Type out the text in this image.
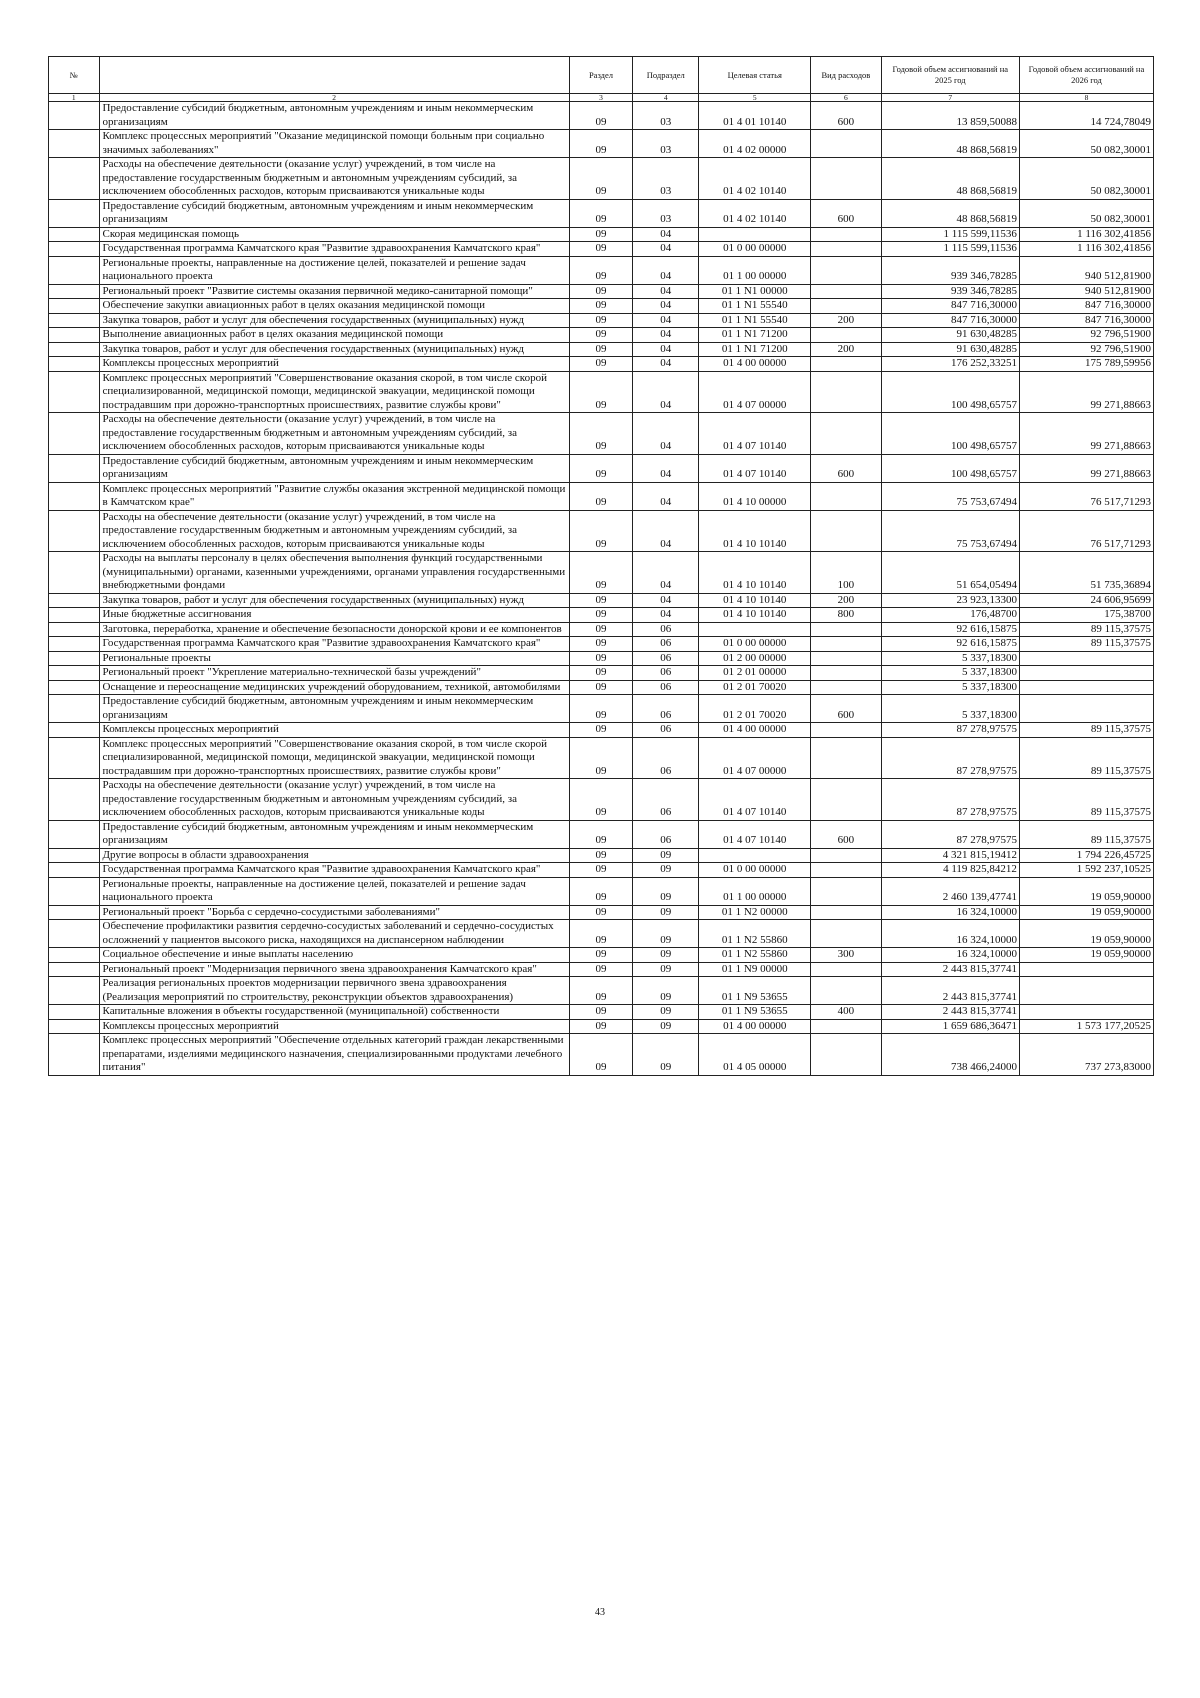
№		Раздел	Подраздел	Целевая статья	Вид расходов	Годовой объем ассигнований на 2025 год	Годовой объем ассигнований на 2026 год
1	2	3	4	5	6	7	8
	Предоставление субсидий бюджетным, автономным учреждениям и иным некоммерческим организациям	09	03	01 4 01 10140	600	13 859,50088	14 724,78049
	Комплекс процессных мероприятий "Оказание медицинской помощи больным при социально значимых заболеваниях"	09	03	01 4 02 00000		48 868,56819	50 082,30001
	Расходы на обеспечение деятельности (оказание услуг) учреждений, в том числе на предоставление государственным бюджетным и автономным учреждениям субсидий, за исключением обособленных расходов, которым присваиваются уникальные коды	09	03	01 4 02 10140		48 868,56819	50 082,30001
	Предоставление субсидий бюджетным, автономным учреждениям и иным некоммерческим организациям	09	03	01 4 02 10140	600	48 868,56819	50 082,30001
	Скорая медицинская помощь	09	04			1 115 599,11536	1 116 302,41856
	Государственная программа Камчатского края "Развитие здравоохранения Камчатского края"	09	04	01 0 00 00000		1 115 599,11536	1 116 302,41856
	Региональные проекты, направленные на достижение целей, показателей и решение задач национального проекта	09	04	01 1 00 00000		939 346,78285	940 512,81900
	Региональный проект "Развитие системы оказания первичной медико-санитарной помощи"	09	04	01 1 N1 00000		939 346,78285	940 512,81900
	Обеспечение закупки авиационных работ в целях оказания медицинской помощи	09	04	01 1 N1 55540		847 716,30000	847 716,30000
	Закупка товаров, работ и услуг для обеспечения государственных (муниципальных) нужд	09	04	01 1 N1 55540	200	847 716,30000	847 716,30000
	Выполнение авиационных работ в целях оказания медицинской помощи	09	04	01 1 N1 71200		91 630,48285	92 796,51900
	Закупка товаров, работ и услуг для обеспечения государственных (муниципальных) нужд	09	04	01 1 N1 71200	200	91 630,48285	92 796,51900
	Комплексы процессных мероприятий	09	04	01 4 00 00000		176 252,33251	175 789,59956
	Комплекс процессных мероприятий "Совершенствование оказания скорой, в том числе скорой специализированной, медицинской помощи, медицинской эвакуации, медицинской помощи пострадавшим при дорожно-транспортных происшествиях, развитие службы крови"	09	04	01 4 07 00000		100 498,65757	99 271,88663
	Расходы на обеспечение деятельности (оказание услуг) учреждений, в том числе на предоставление государственным бюджетным и автономным учреждениям субсидий, за исключением обособленных расходов, которым присваиваются уникальные коды	09	04	01 4 07 10140		100 498,65757	99 271,88663
	Предоставление субсидий бюджетным, автономным учреждениям и иным некоммерческим организациям	09	04	01 4 07 10140	600	100 498,65757	99 271,88663
	Комплекс процессных мероприятий "Развитие службы оказания экстренной медицинской помощи в Камчатском крае"	09	04	01 4 10 00000		75 753,67494	76 517,71293
	Расходы на обеспечение деятельности (оказание услуг) учреждений, в том числе на предоставление государственным бюджетным и автономным учреждениям субсидий, за исключением обособленных расходов, которым присваиваются уникальные коды	09	04	01 4 10 10140		75 753,67494	76 517,71293
	Расходы на выплаты персоналу в целях обеспечения выполнения функций государственными (муниципальными) органами, казенными учреждениями, органами управления государственными внебюджетными фондами	09	04	01 4 10 10140	100	51 654,05494	51 735,36894
	Закупка товаров, работ и услуг для обеспечения государственных (муниципальных) нужд	09	04	01 4 10 10140	200	23 923,13300	24 606,95699
	Иные бюджетные ассигнования	09	04	01 4 10 10140	800	176,48700	175,38700
	Заготовка, переработка, хранение и обеспечение безопасности донорской крови и ее компонентов	09	06			92 616,15875	89 115,37575
	Государственная программа Камчатского края "Развитие здравоохранения Камчатского края"	09	06	01 0 00 00000		92 616,15875	89 115,37575
	Региональные проекты	09	06	01 2 00 00000		5 337,18300	
	Региональный проект "Укрепление материально-технической базы учреждений"	09	06	01 2 01 00000		5 337,18300	
	Оснащение и переоснащение медицинских учреждений оборудованием, техникой, автомобилями	09	06	01 2 01 70020		5 337,18300	
	Предоставление субсидий бюджетным, автономным учреждениям и иным некоммерческим организациям	09	06	01 2 01 70020	600	5 337,18300	
	Комплексы процессных мероприятий	09	06	01 4 00 00000		87 278,97575	89 115,37575
	Комплекс процессных мероприятий "Совершенствование оказания скорой, в том числе скорой специализированной, медицинской помощи, медицинской эвакуации, медицинской помощи пострадавшим при дорожно-транспортных происшествиях, развитие службы крови"	09	06	01 4 07 00000		87 278,97575	89 115,37575
	Расходы на обеспечение деятельности (оказание услуг) учреждений, в том числе на предоставление государственным бюджетным и автономным учреждениям субсидий, за исключением обособленных расходов, которым присваиваются уникальные коды	09	06	01 4 07 10140		87 278,97575	89 115,37575
	Предоставление субсидий бюджетным, автономным учреждениям и иным некоммерческим организациям	09	06	01 4 07 10140	600	87 278,97575	89 115,37575
	Другие вопросы в области здравоохранения	09	09			4 321 815,19412	1 794 226,45725
	Государственная программа Камчатского края "Развитие здравоохранения Камчатского края"	09	09	01 0 00 00000		4 119 825,84212	1 592 237,10525
	Региональные проекты, направленные на достижение целей, показателей и решение задач национального проекта	09	09	01 1 00 00000		2 460 139,47741	19 059,90000
	Региональный проект "Борьба с сердечно-сосудистыми заболеваниями"	09	09	01 1 N2 00000		16 324,10000	19 059,90000
	Обеспечение профилактики развития сердечно-сосудистых заболеваний и сердечно-сосудистых осложнений у пациентов высокого риска, находящихся на диспансерном наблюдении	09	09	01 1 N2 55860		16 324,10000	19 059,90000
	Социальное обеспечение и иные выплаты населению	09	09	01 1 N2 55860	300	16 324,10000	19 059,90000
	Региональный проект "Модернизация первичного звена здравоохранения Камчатского края"	09	09	01 1 N9 00000		2 443 815,37741	
	Реализация региональных проектов модернизации первичного звена здравоохранения (Реализация мероприятий по строительству, реконструкции объектов здравоохранения)	09	09	01 1 N9 53655		2 443 815,37741	
	Капитальные вложения в объекты государственной (муниципальной) собственности	09	09	01 1 N9 53655	400	2 443 815,37741	
	Комплексы процессных мероприятий	09	09	01 4 00 00000		1 659 686,36471	1 573 177,20525
	Комплекс процессных мероприятий "Обеспечение отдельных категорий граждан лекарственными препаратами, изделиями медицинского назначения, специализированными продуктами лечебного питания"	09	09	01 4 05 00000		738 466,24000	737 273,83000
43
